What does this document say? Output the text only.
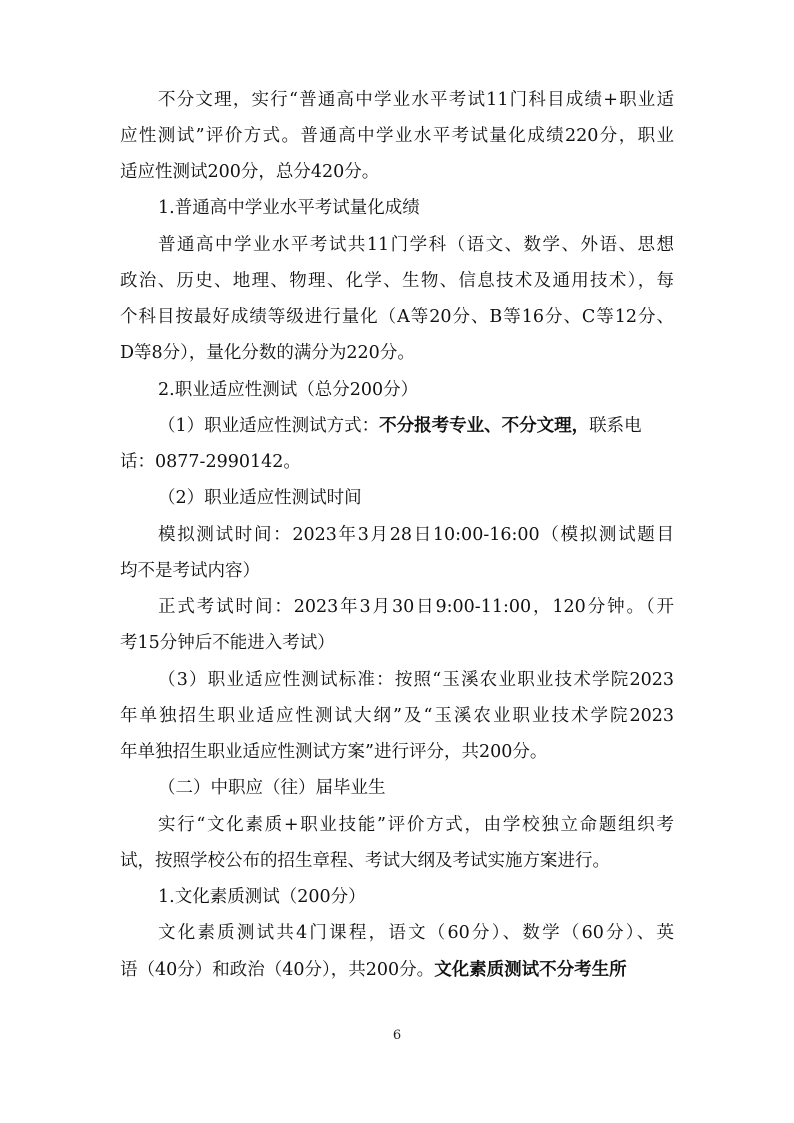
不分文理，实行“普通高中学业水平考试11门科目成绩+职业适
应性测试”评价方式。普通高中学业水平考试量化成绩220分，职业
适应性测试200分，总分420分。
1.普通高中学业水平考试量化成绩
普通高中学业水平考试共11门学科（语文、数学、外语、思想
政治、历史、地理、物理、化学、生物、信息技术及通用技术），每
个科目按最好成绩等级进行量化（A等20分、B等16分、C等12分、
D等8分），量化分数的满分为220分。
2.职业适应性测试（总分200分）
（1）职业适应性测试方式：不分报考专业、不分文理，联系电
话：0877-2990142。
（2）职业适应性测试时间
模拟测试时间：2023年3月28日10:00-16:00（模拟测试题目
均不是考试内容）
正式考试时间：2023年3月30日9:00-11:00，120分钟。（开
考15分钟后不能进入考试）
（3）职业适应性测试标准：按照“玉溪农业职业技术学院2023
年单独招生职业适应性测试大纲”及“玉溪农业职业技术学院2023
年单独招生职业适应性测试方案”进行评分，共200分。
（二）中职应（往）届毕业生
实行“文化素质+职业技能”评价方式，由学校独立命题组织考
试，按照学校公布的招生章程、考试大纲及考试实施方案进行。
1.文化素质测试（200分）
文化素质测试共4门课程，语文（60分）、数学（60分）、英
语（40分）和政治（40分），共200分。文化素质测试不分考生所
6
